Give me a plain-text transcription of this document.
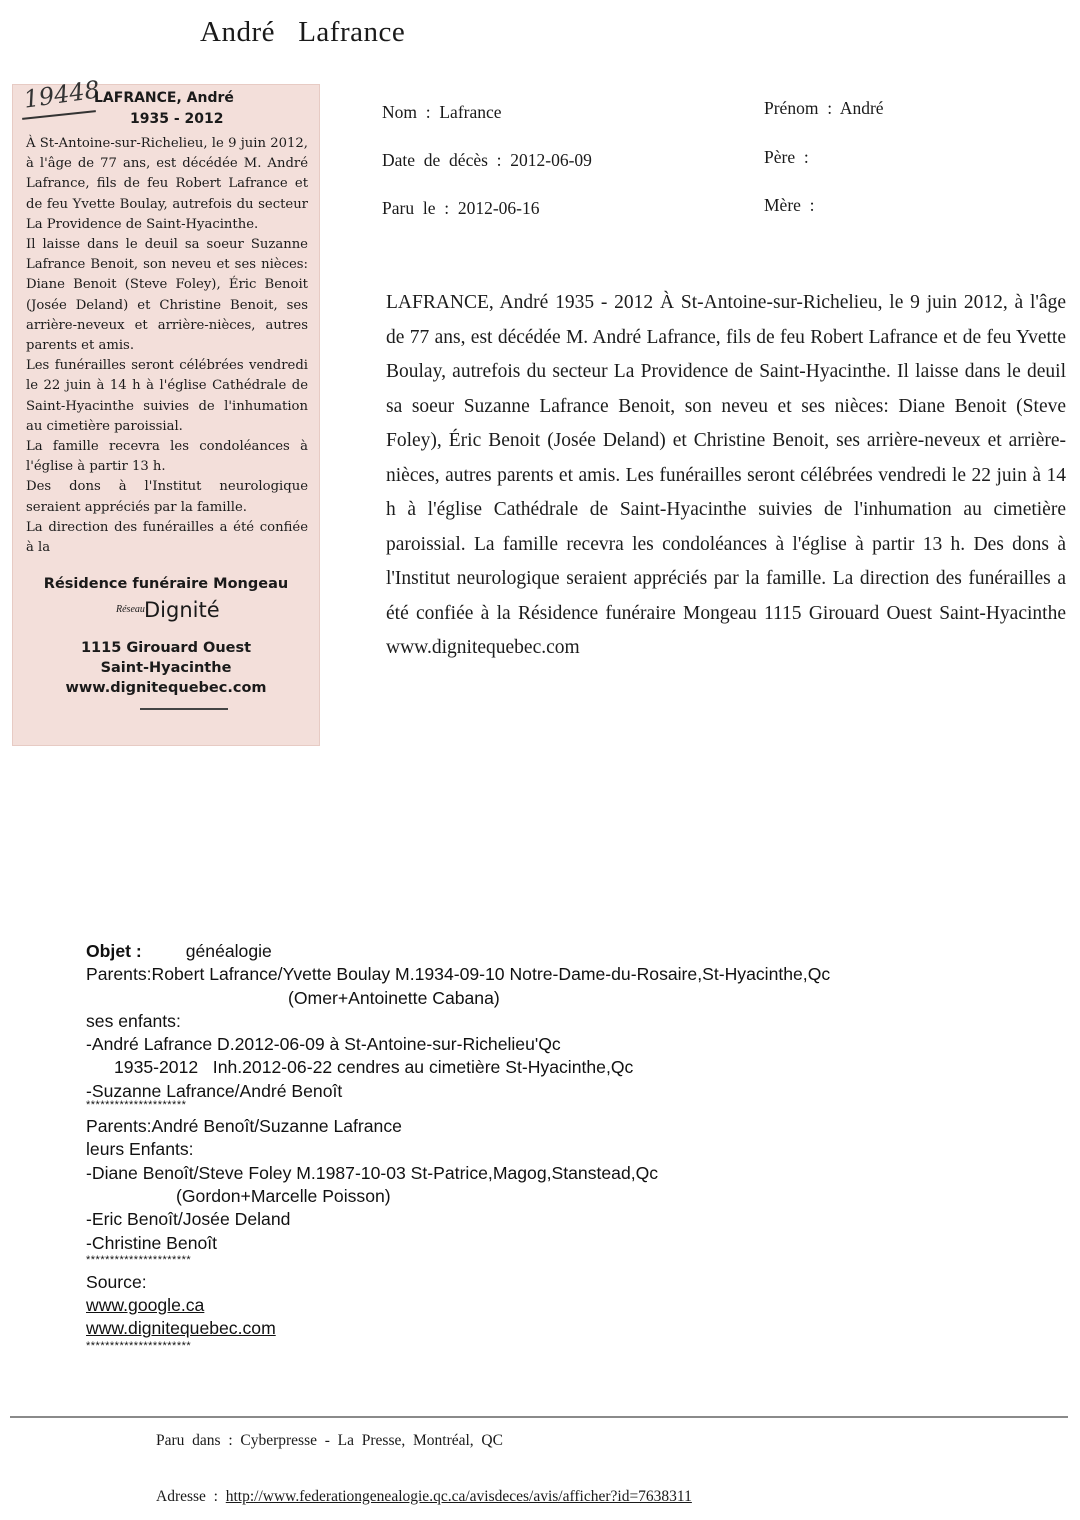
André   Lafrance
19448
LAFRANCE, André
1935 - 2012

À St-Antoine-sur-Richelieu, le 9 juin 2012, à l'âge de 77 ans, est décédée M. André Lafrance, fils de feu Robert Lafrance et de feu Yvette Boulay, autrefois du secteur La Providence de Saint-Hyacinthe.

Il laisse dans le deuil sa soeur Suzanne Lafrance Benoit, son neveu et ses nièces: Diane Benoit (Steve Foley), Éric Benoit (Josée Deland) et Christine Benoit, ses arrière-neveux et arrière-nièces, autres parents et amis.

Les funérailles seront célébrées vendredi le 22 juin à 14 h à l'église Cathédrale de Saint-Hyacinthe suivies de l'inhumation au cimetière paroissial.

La famille recevra les condoléances à l'église à partir 13 h.

Des dons à l'Institut neurologique seraient appréciés par la famille.

La direction des funérailles a été confiée à la

Résidence funéraire Mongeau
Réseau Dignité
1115 Girouard Ouest
Saint-Hyacinthe
www.dignitequebec.com
Nom  :  Lafrance	Prénom  :  André
Date  de  décès  :  2012-06-09	Père  :
Paru  le  :  2012-06-16	Mère  :
LAFRANCE, André 1935 - 2012 À St-Antoine-sur-Richelieu, le 9 juin 2012, à l'âge de 77 ans, est décédée M. André Lafrance, fils de feu Robert Lafrance et de feu Yvette Boulay, autrefois du secteur La Providence de Saint-Hyacinthe. Il laisse dans le deuil sa soeur Suzanne Lafrance Benoit, son neveu et ses nièces: Diane Benoit (Steve Foley), Éric Benoit (Josée Deland) et Christine Benoit, ses arrière-neveux et arrière-nièces, autres parents et amis. Les funérailles seront célébrées vendredi le 22 juin à 14 h à l'église Cathédrale de Saint-Hyacinthe suivies de l'inhumation au cimetière paroissial. La famille recevra les condoléances à l'église à partir 13 h. Des dons à l'Institut neurologique seraient appréciés par la famille. La direction des funérailles a été confiée à la Résidence funéraire Mongeau 1115 Girouard Ouest Saint-Hyacinthe www.dignitequebec.com
Objet :	généalogie
Parents:Robert Lafrance/Yvette Boulay M.1934-09-10 Notre-Dame-du-Rosaire,St-Hyacinthe,Qc
(Omer+Antoinette Cabana)
ses enfants:
-André Lafrance D.2012-06-09 à St-Antoine-sur-Richelieu'Qc
1935-2012   Inh.2012-06-22 cendres au cimetière St-Hyacinthe,Qc
-Suzanne Lafrance/André Benoît
*********************
Parents:André Benoît/Suzanne Lafrance
leurs Enfants:
-Diane Benoît/Steve Foley M.1987-10-03 St-Patrice,Magog,Stanstead,Qc
(Gordon+Marcelle Poisson)
-Eric Benoît/Josée Deland
-Christine Benoît
**********************
Source:
www.google.ca
www.dignitequebec.com
**********************
Paru  dans  :  Cyberpresse  -  La  Presse,  Montréal,  QC
Adresse  :  http://www.federationgenealogie.qc.ca/avisdeces/avis/afficher?id=7638311
